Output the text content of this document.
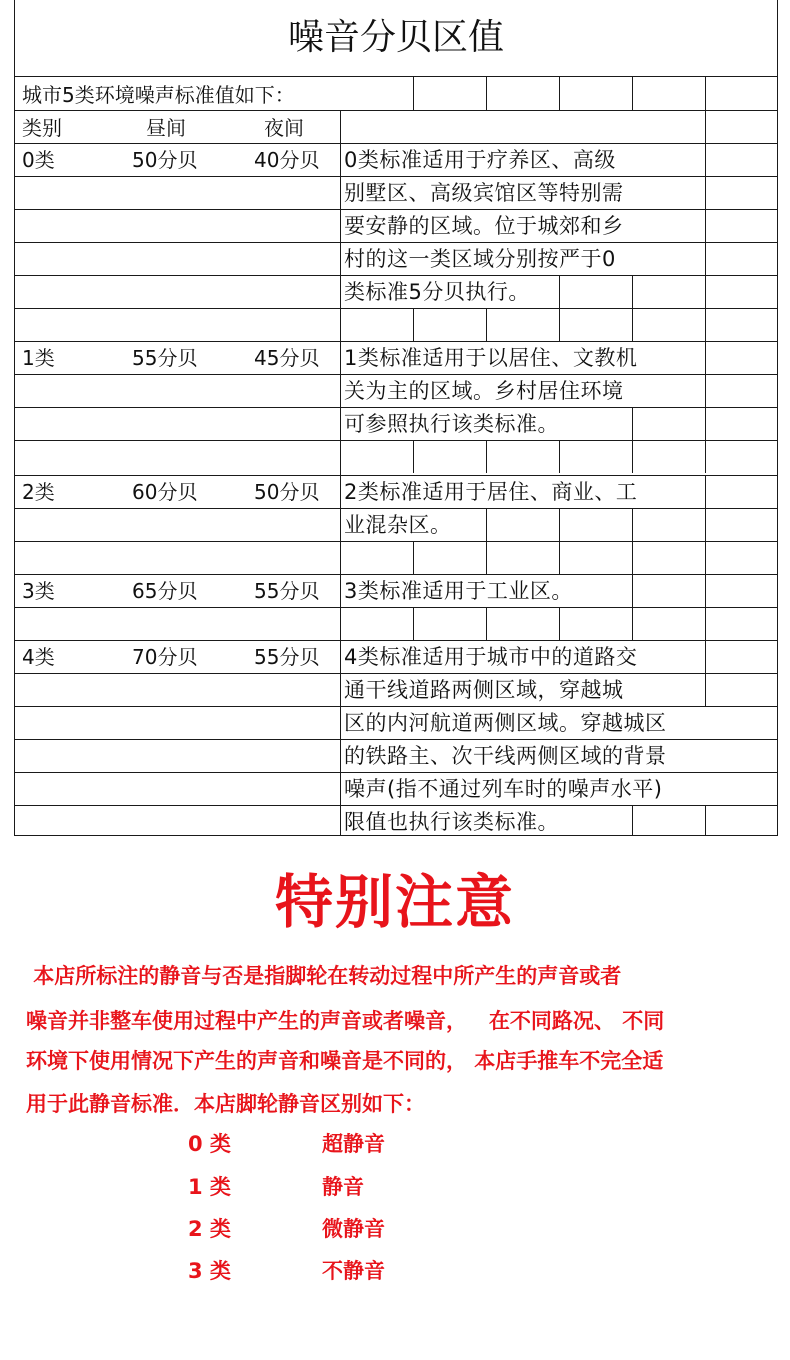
噪音分贝区值
城市5类环境噪声标准值如下：
类别	昼间	夜间
0类	50分贝	40分贝 0类标准适用于疗养区、高级
别墅区、高级宾馆区等特别需
要安静的区域。位于城郊和乡
村的这一类区域分别按严于0
类标准5分贝执行。
1类	55分贝	45分贝 1类标准适用于以居住、文教机
关为主的区域。乡村居住环境
可参照执行该类标准。
2类	60分贝	50分贝 2类标准适用于居住、商业、工
业混杂区。
3类	65分贝	55分贝 3类标准适用于工业区。
4类	70分贝	55分贝 4类标准适用于城市中的道路交
通干线道路两侧区域，穿越城
区的内河航道两侧区域。穿越城区
的铁路主、次干线两侧区域的背景
噪声(指不通过列车时的噪声水平)
限值也执行该类标准。
特别注意
本店所标注的静音与否是指脚轮在转动过程中所产生的声音或者
噪音并非整车使用过程中产生的声音或者噪音，   在不同路况、 不同
环境下使用情况下产生的声音和噪音是不同的， 本店手推车不完全适
用于此静音标准．本店脚轮静音区别如下：
0 类	超静音
1 类	静音
2 类	微静音
3 类	不静音
